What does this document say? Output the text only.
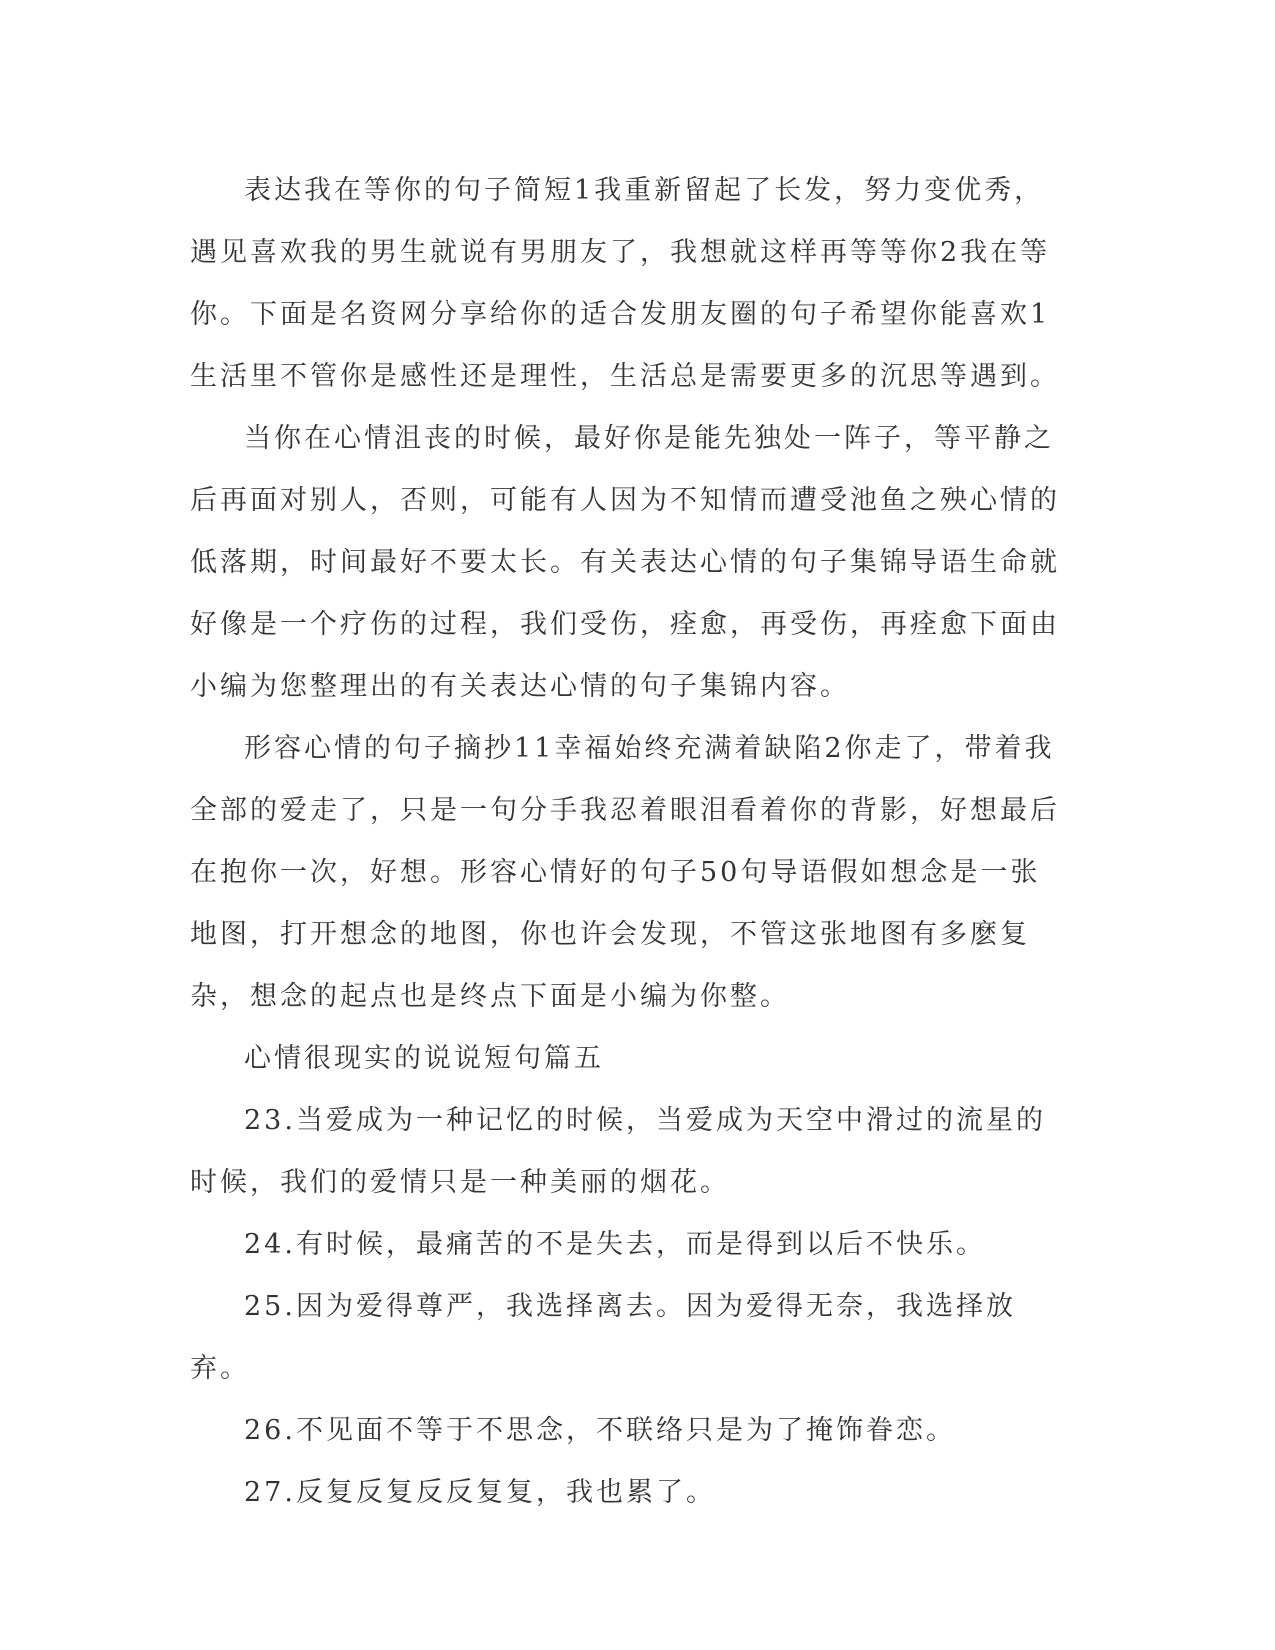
表达我在等你的句子简短1我重新留起了长发，努力变优秀，遇见喜欢我的男生就说有男朋友了，我想就这样再等等你2我在等你。下面是名资网分享给你的适合发朋友圈的句子希望你能喜欢1生活里不管你是感性还是理性，生活总是需要更多的沉思等遇到。

当你在心情沮丧的时候，最好你是能先独处一阵子，等平静之后再面对别人，否则，可能有人因为不知情而遭受池鱼之殃心情的低落期，时间最好不要太长。有关表达心情的句子集锦导语生命就好像是一个疗伤的过程，我们受伤，痊愈，再受伤，再痊愈下面由小编为您整理出的有关表达心情的句子集锦内容。

形容心情的句子摘抄11幸福始终充满着缺陷2你走了，带着我全部的爱走了，只是一句分手我忍着眼泪看着你的背影，好想最后在抱你一次，好想。形容心情好的句子50句导语假如想念是一张地图，打开想念的地图，你也许会发现，不管这张地图有多麽复杂，想念的起点也是终点下面是小编为你整。

心情很现实的说说短句篇五

23.当爱成为一种记忆的时候，当爱成为天空中滑过的流星的时候，我们的爱情只是一种美丽的烟花。

24.有时候，最痛苦的不是失去，而是得到以后不快乐。

25.因为爱得尊严，我选择离去。因为爱得无奈，我选择放弃。

26.不见面不等于不思念，不联络只是为了掩饰眷恋。

27.反复反复反反复复，我也累了。
